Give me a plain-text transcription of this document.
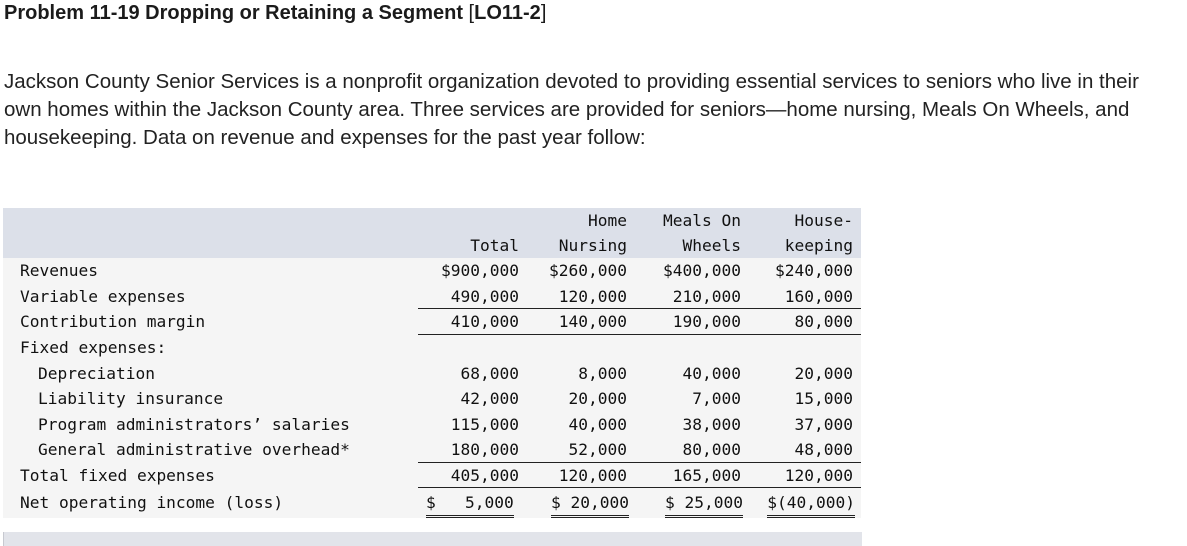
Problem 11-19 Dropping or Retaining a Segment [LO11-2]
Jackson County Senior Services is a nonprofit organization devoted to providing essential services to seniors who live in their own homes within the Jackson County area. Three services are provided for seniors—home nursing, Meals On Wheels, and housekeeping. Data on revenue and expenses for the past year follow:
		Home	Meals On	House-
	Total	Nursing	Wheels	keeping
Revenues	$900,000	$260,000	$400,000	$240,000
Variable expenses	490,000	120,000	210,000	160,000
Contribution margin	410,000	140,000	190,000	80,000
Fixed expenses:				
Depreciation	68,000	8,000	40,000	20,000
Liability insurance	42,000	20,000	7,000	15,000
Program administrators’ salaries	115,000	40,000	38,000	37,000
General administrative overhead*	180,000	52,000	80,000	48,000
Total fixed expenses	405,000	120,000	165,000	120,000
Net operating income (loss)	$   5,000	$ 20,000	$ 25,000	$(40,000)
